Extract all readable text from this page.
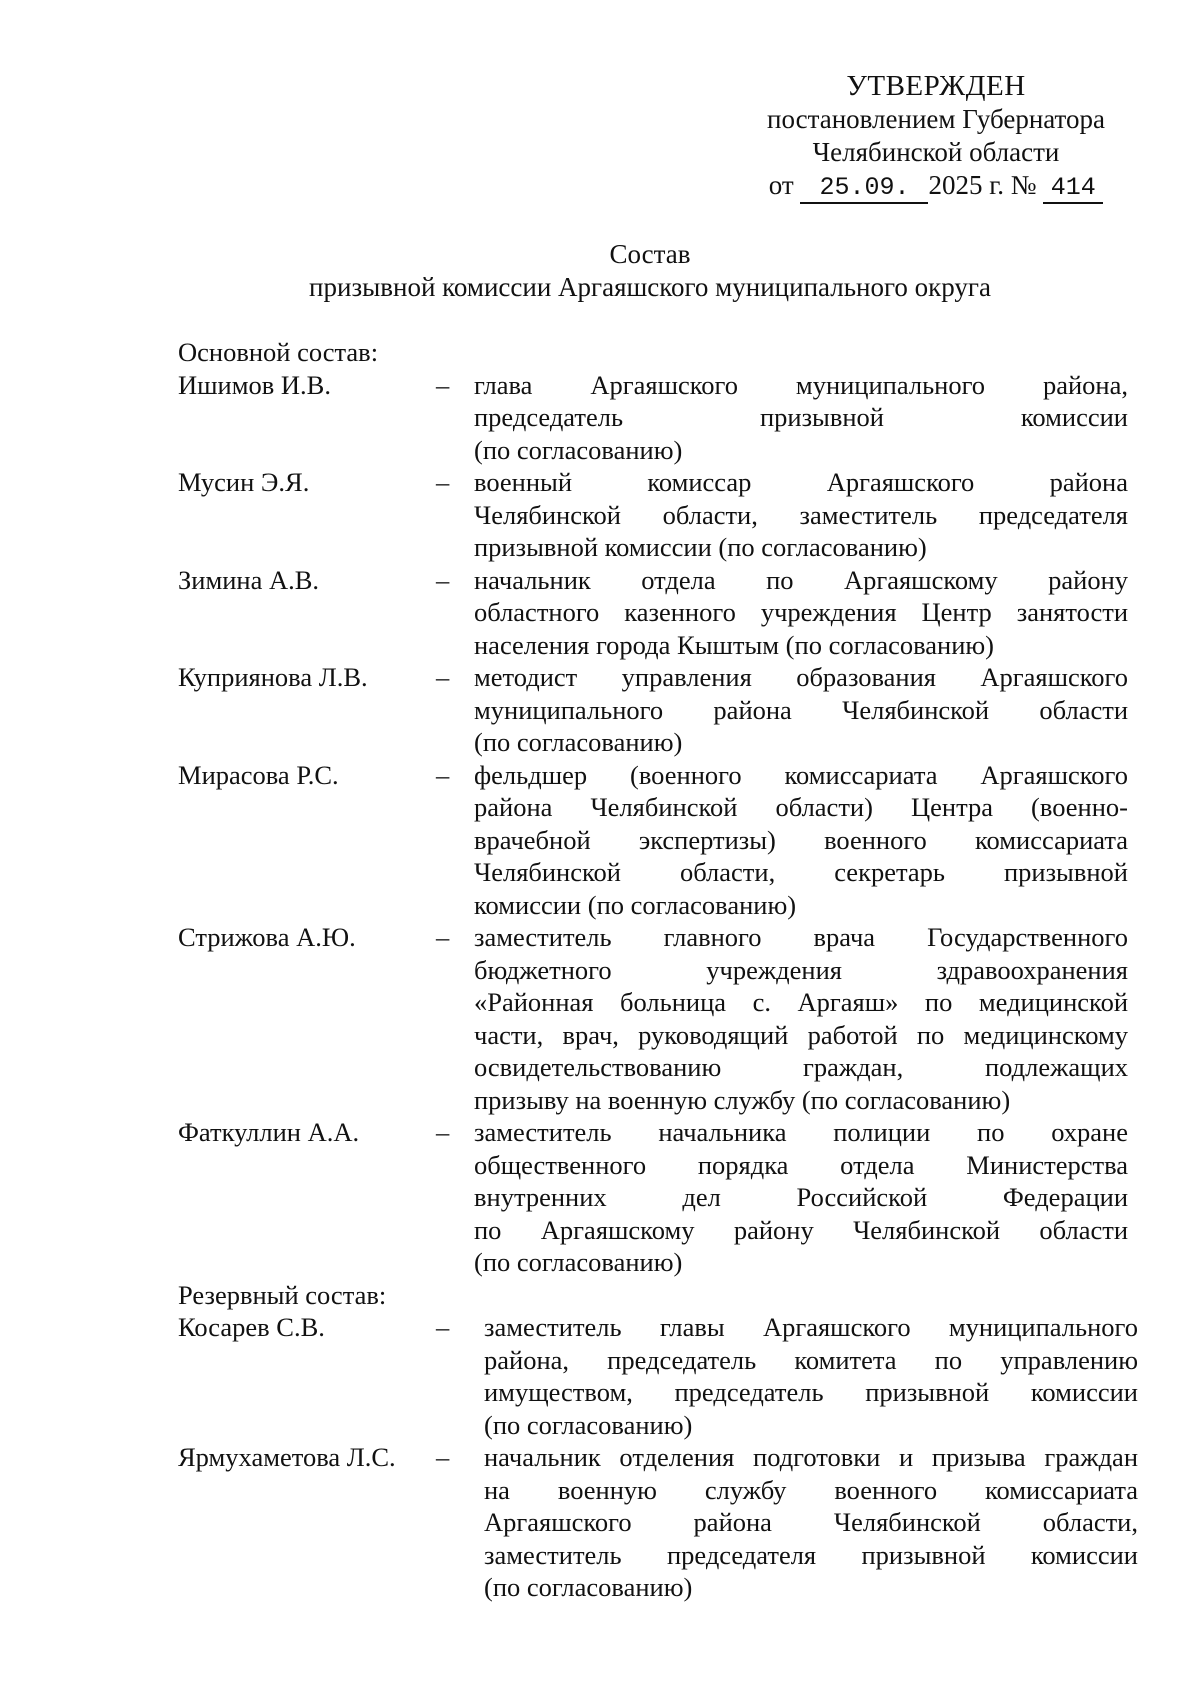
УТВЕРЖДЕН
постановлением Губернатора
Челябинской области
от 25.09. 2025 г. № 414
Состав
призывной комиссии Аргаяшского муниципального округа
Основной состав:
Ишимов И.В.	– глава Аргаяшского муниципального района,
председатель призывной комиссии
(по согласованию)
Мусин Э.Я.	– военный комиссар Аргаяшского района
Челябинской области, заместитель председателя
призывной комиссии (по согласованию)
Зимина А.В.	– начальник отдела по Аргаяшскому району
областного казенного учреждения Центр занятости
населения города Кыштым (по согласованию)
Куприянова Л.В.	– методист управления образования Аргаяшского
муниципального района Челябинской области
(по согласованию)
Мирасова Р.С.	– фельдшер (военного комиссариата Аргаяшского
района Челябинской области) Центра (военно-
врачебной экспертизы) военного комиссариата
Челябинской области, секретарь призывной
комиссии (по согласованию)
Стрижова А.Ю.	– заместитель главного врача Государственного
бюджетного учреждения здравоохранения
«Районная больница с. Аргаяш» по медицинской
части, врач, руководящий работой по медицинскому
освидетельствованию граждан, подлежащих
призыву на военную службу (по согласованию)
Фаткуллин А.А.	– заместитель начальника полиции по охране
общественного порядка отдела Министерства
внутренних дел Российской Федерации
по Аргаяшскому району Челябинской области
(по согласованию)
Резервный состав:
Косарев С.В.	–	заместитель главы Аргаяшского муниципального
района, председатель комитета по управлению
имуществом, председатель призывной комиссии
(по согласованию)
Ярмухаметова Л.С.	–	начальник отделения подготовки и призыва граждан
на военную службу военного комиссариата
Аргаяшского района Челябинской области,
заместитель председателя призывной комиссии
(по согласованию)
